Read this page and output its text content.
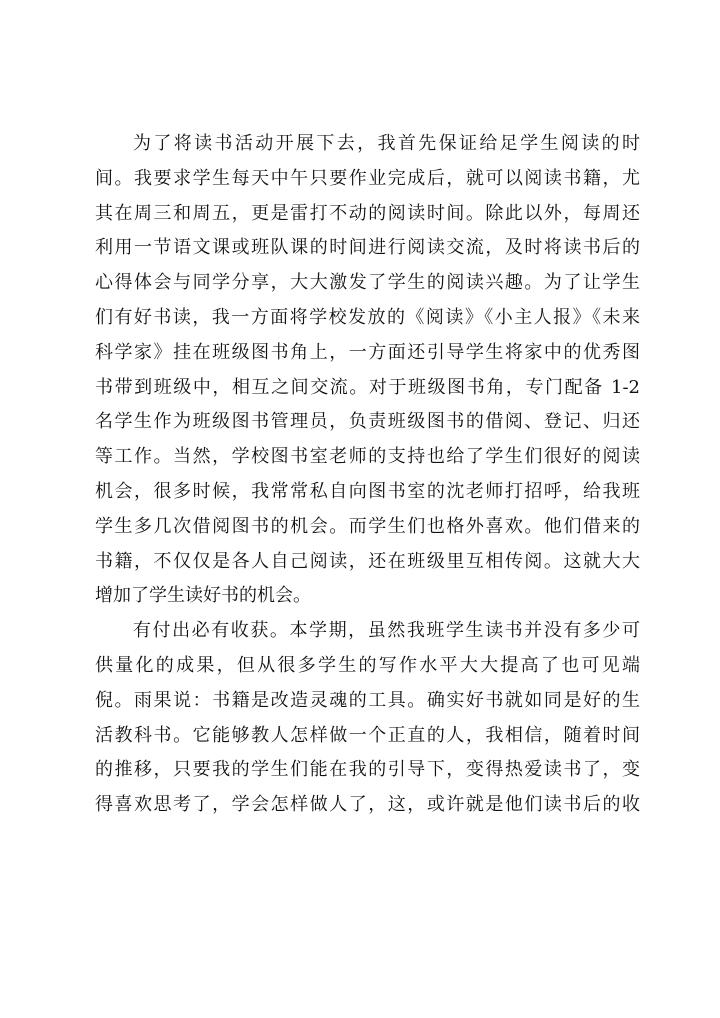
为了将读书活动开展下去，我首先保证给足学生阅读的时
间。我要求学生每天中午只要作业完成后，就可以阅读书籍，尤
其在周三和周五，更是雷打不动的阅读时间。除此以外，每周还
利用一节语文课或班队课的时间进行阅读交流，及时将读书后的
心得体会与同学分享，大大激发了学生的阅读兴趣。为了让学生
们有好书读，我一方面将学校发放的《阅读》《小主人报》《未来
科学家》挂在班级图书角上，一方面还引导学生将家中的优秀图
书带到班级中，相互之间交流。对于班级图书角，专门配备 1-2
名学生作为班级图书管理员，负责班级图书的借阅、登记、归还
等工作。当然，学校图书室老师的支持也给了学生们很好的阅读
机会，很多时候，我常常私自向图书室的沈老师打招呼，给我班
学生多几次借阅图书的机会。而学生们也格外喜欢。他们借来的
书籍，不仅仅是各人自己阅读，还在班级里互相传阅。这就大大
增加了学生读好书的机会。
有付出必有收获。本学期，虽然我班学生读书并没有多少可
供量化的成果，但从很多学生的写作水平大大提高了也可见端
倪。雨果说：书籍是改造灵魂的工具。确实好书就如同是好的生
活教科书。它能够教人怎样做一个正直的人，我相信，随着时间
的推移，只要我的学生们能在我的引导下，变得热爱读书了，变
得喜欢思考了，学会怎样做人了，这，或许就是他们读书后的收
